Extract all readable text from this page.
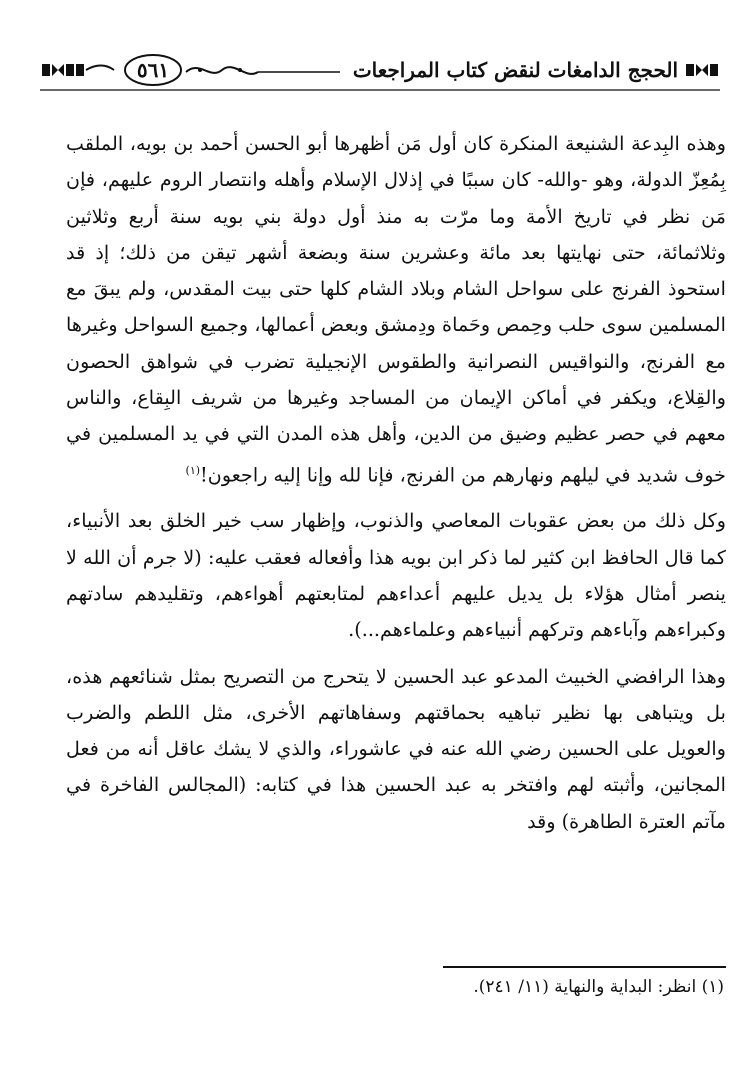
٥٦١	الحجج الدامغات لنقض كتاب المراجعات

وهذه البِدعة الشنيعة المنكرة كان أول مَن أظهرها أبو الحسن أحمد بن بويه، الملقب بِمُعِزّ الدولة، وهو -والله- كان سببًا في إذلال الإسلام وأهله وانتصار الروم عليهم، فإن مَن نظر في تاريخ الأمة وما مرّت به منذ أول دولة بني بويه سنة أربع وثلاثين وثلاثمائة، حتى نهايتها بعد مائة وعشرين سنة وبضعة أشهر تيقن من ذلك؛ إذ قد استحوذ الفرنج على سواحل الشام وبلاد الشام كلها حتى بيت المقدس، ولم يبقَ مع المسلمين سوى حلب وحِمص وحَماة ودِمشق وبعض أعمالها، وجميع السواحل وغيرها مع الفرنج، والنواقيس النصرانية والطقوس الإنجيلية تضرب في شواهق الحصون والقِلاع، ويكفر في أماكن الإيمان من المساجد وغيرها من شريف البِقاع، والناس معهم في حصر عظيم وضيق من الدين، وأهل هذه المدن التي في يد المسلمين في خوف شديد في ليلهم ونهارهم من الفرنج، فإنا لله وإنا إليه راجعون!$^{(١)}$

وكل ذلك من بعض عقوبات المعاصي والذنوب، وإظهار سب خير الخلق بعد الأنبياء، كما قال الحافظ ابن كثير لما ذكر ابن بويه هذا وأفعاله فعقب عليه: (لا جرم أن الله لا ينصر أمثال هؤلاء بل يديل عليهم أعداءهم لمتابعتهم أهواءهم، وتقليدهم سادتهم وكبراءهم وآباءهم وتركهم أنبياءهم وعلماءهم...).

وهذا الرافضي الخبيث المدعو عبد الحسين لا يتحرج من التصريح بمثل شنائعهم هذه، بل ويتباهى بها نظير تباهيه بحماقتهم وسفاهاتهم الأخرى، مثل اللطم والضرب والعويل على الحسين رضي الله عنه في عاشوراء، والذي لا يشك عاقل أنه من فعل المجانين، وأثبته لهم وافتخر به عبد الحسين هذا في كتابه: (المجالس الفاخرة في مآتم العترة الطاهرة) وقد

(١) انظر: البداية والنهاية (١١/ ٢٤١).
